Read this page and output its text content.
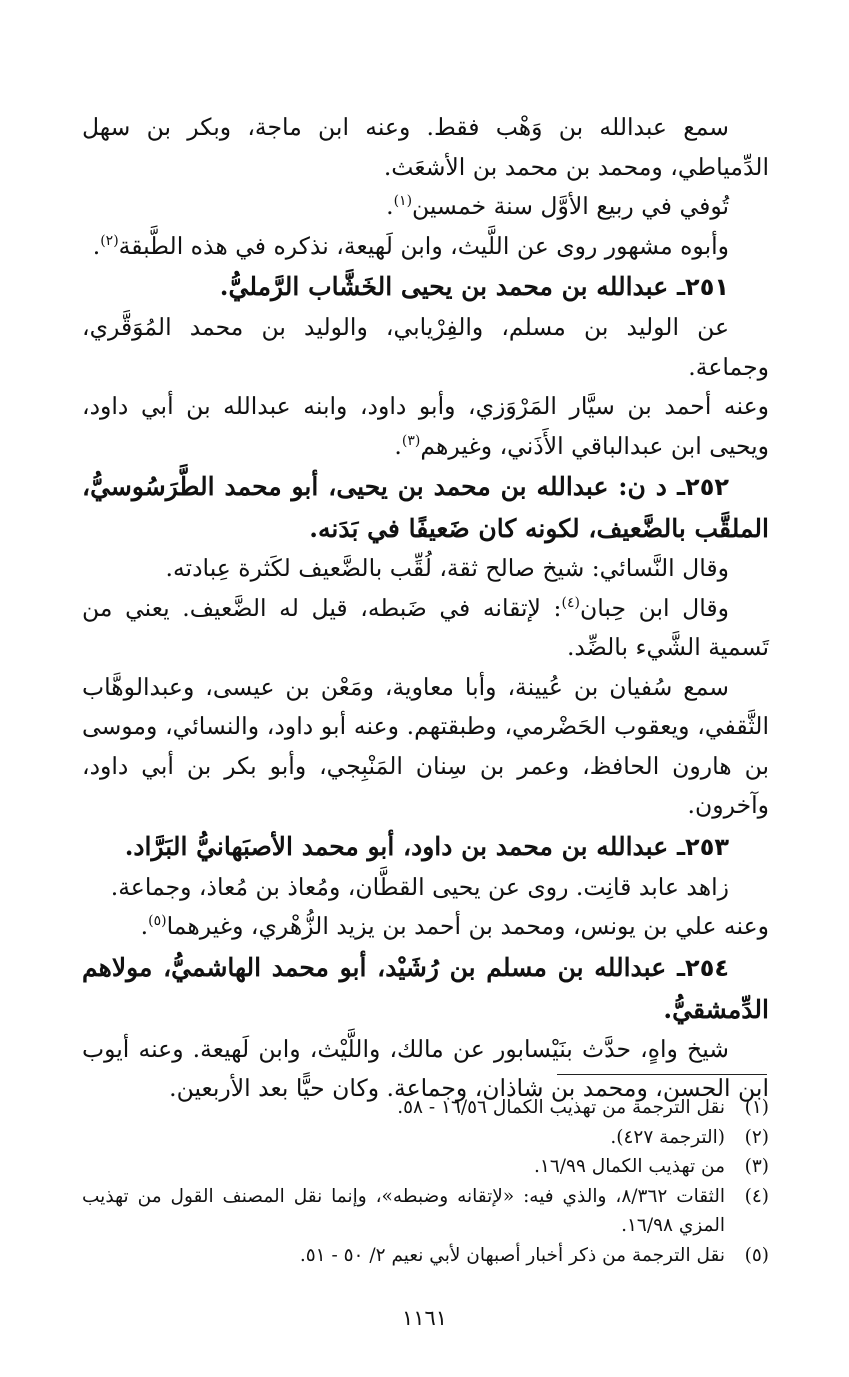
سمع عبدالله بن وَهْب فقط. وعنه ابن ماجة، وبكر بن سهل الدِّمياطي، ومحمد بن محمد بن الأشعَث.

تُوفي في ربيع الأوَّل سنة خمسين$^{(١)}$.

وأبوه مشهور روى عن اللَّيث، وابن لَهيعة، نذكره في هذه الطَّبقة$^{(٢)}$.

٢٥١ـ عبدالله بن محمد بن يحيى الخَشَّاب الرَّمليُّ.

عن الوليد بن مسلم، والفِرْيابي، والوليد بن محمد المُوَقَّري، وجماعة.

وعنه أحمد بن سيَّار المَرْوَزي، وأبو داود، وابنه عبدالله بن أبي داود، ويحيى ابن عبدالباقي الأَذَني، وغيرهم$^{(٣)}$.

٢٥٢ـ د ن: عبدالله بن محمد بن يحيى، أبو محمد الطَّرَسُوسيُّ، الملقَّب بالضَّعيف، لكونه كان ضَعيفًا في بَدَنه.

وقال النَّسائي: شيخ صالح ثقة، لُقِّب بالضَّعيف لكَثرة عِبادته.

وقال ابن حِبان$^{(٤)}$: لإتقانه في ضَبطه، قيل له الضَّعيف. يعني من تَسمية الشَّيء بالضِّد.

سمع سُفيان بن عُيينة، وأبا معاوية، ومَعْن بن عيسى، وعبدالوهَّاب الثَّقفي، ويعقوب الحَضْرمي، وطبقتهم. وعنه أبو داود، والنسائي، وموسى بن هارون الحافظ، وعمر بن سِنان المَنْبِجي، وأبو بكر بن أبي داود، وآخرون.

٢٥٣ـ عبدالله بن محمد بن داود، أبو محمد الأصبَهانيُّ البَرَّاد.

زاهد عابد قانِت. روى عن يحيى القطَّان، ومُعاذ بن مُعاذ، وجماعة.

وعنه علي بن يونس، ومحمد بن أحمد بن يزيد الزُّهْري، وغيرهما$^{(٥)}$.

٢٥٤ـ عبدالله بن مسلم بن رُشَيْد، أبو محمد الهاشميُّ، مولاهم الدِّمشقيُّ.

شيخ واهٍ، حدَّث بنَيْسابور عن مالك، واللَّيْث، وابن لَهيعة. وعنه أيوب ابن الحسن، ومحمد بن شاذان، وجماعة. وكان حيًّا بعد الأربعين.

(١)
نقل الترجمة من تهذيب الكمال ١٦/٥٦ - ٥٨.
(٢)
(الترجمة ٤٢٧).
(٣)
من تهذيب الكمال ١٦/٩٩.
(٤)
الثقات ٨/٣٦٢، والذي فيه: «لإتقانه وضبطه»، وإنما نقل المصنف القول من تهذيب المزي ١٦/٩٨.
(٥)
نقل الترجمة من ذكر أخبار أصبهان لأبي نعيم ٢/ ٥٠ - ٥١.
١١٦١
